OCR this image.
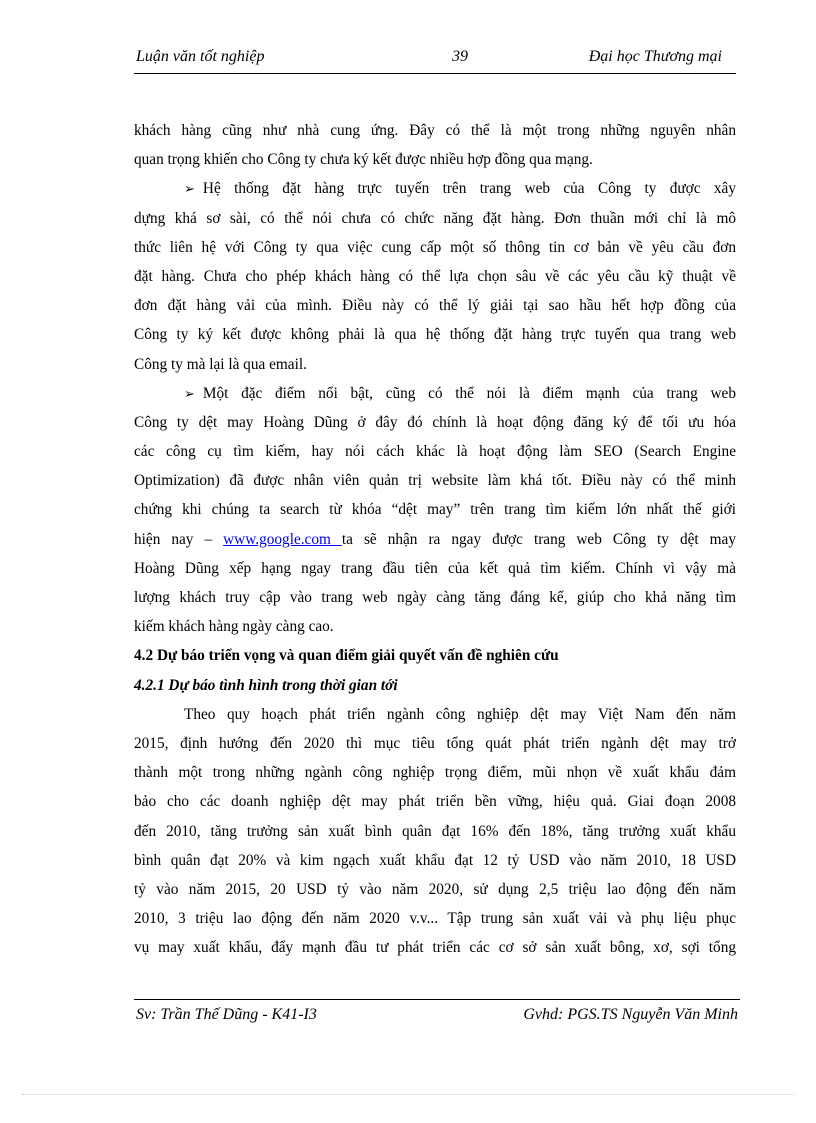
Luận văn tốt nghiệp	39	Đại học Thương mại
khách hàng cũng như nhà cung ứng. Đây có thể là một trong những nguyên nhân
quan trọng khiến cho Công ty chưa ký kết được nhiều hợp đồng qua mạng.
➢ Hệ thống đặt hàng trực tuyến trên trang web của Công ty được xây
dựng khá sơ sài, có thể nói chưa có chức năng đặt hàng. Đơn thuần mới chỉ là mô
thức liên hệ với Công ty qua việc cung cấp một số thông tin cơ bản về yêu cầu đơn
đặt hàng. Chưa cho phép khách hàng có thể lựa chọn sâu về các yêu cầu kỹ thuật về
đơn đặt hàng vải của mình. Điều này có thể lý giải tại sao hầu hết hợp đồng của
Công ty ký kết được không phải là qua hệ thống đặt hàng trực tuyến qua trang web
Công ty mà lại là qua email.
➢ Một đặc điểm nổi bật, cũng có thể nói là điểm mạnh của trang web
Công ty dệt may Hoàng Dũng ở đây đó chính là hoạt động đăng ký để tối ưu hóa
các công cụ tìm kiếm, hay nói cách khác là hoạt động làm SEO (Search Engine
Optimization) đã được nhân viên quản trị website làm khá tốt. Điều này có thể minh
chứng khi chúng ta search từ khóa “dệt may” trên trang tìm kiếm lớn nhất thế giới
hiện nay – www.google.com ta sẽ nhận ra ngay được trang web Công ty dệt may
Hoàng Dũng xếp hạng ngay trang đầu tiên của kết quả tìm kiếm. Chính vì vậy mà
lượng khách truy cập vào trang web ngày càng tăng đáng kể, giúp cho khả năng tìm
kiếm khách hàng ngày càng cao.
4.2 Dự báo triển vọng và quan điểm giải quyết vấn đề nghiên cứu
4.2.1 Dự báo tình hình trong thời gian tới
Theo quy hoạch phát triển ngành công nghiệp dệt may Việt Nam đến năm
2015, định hướng đến 2020 thì mục tiêu tổng quát phát triển ngành dệt may trở
thành một trong những ngành công nghiệp trọng điểm, mũi nhọn về xuất khẩu đảm
bảo cho các doanh nghiệp dệt may phát triển bền vững, hiệu quả. Giai đoạn 2008
đến 2010, tăng trưởng sản xuất bình quân đạt 16% đến 18%, tăng trưởng xuất khẩu
bình quân đạt 20% và kim ngạch xuất khẩu đạt 12 tỷ USD vào năm 2010, 18 USD
tỷ vào năm 2015, 20 USD tỷ vào năm 2020, sử dụng 2,5 triệu lao động đến năm
2010, 3 triệu lao động đến năm 2020 v.v... Tập trung sản xuất vải và phụ liệu phục
vụ may xuất khẩu, đẩy mạnh đầu tư phát triển các cơ sở sản xuất bông, xơ, sợi tổng
Sv: Trần Thế Dũng - K41-I3	Gvhd: PGS.TS Nguyễn Văn Minh
